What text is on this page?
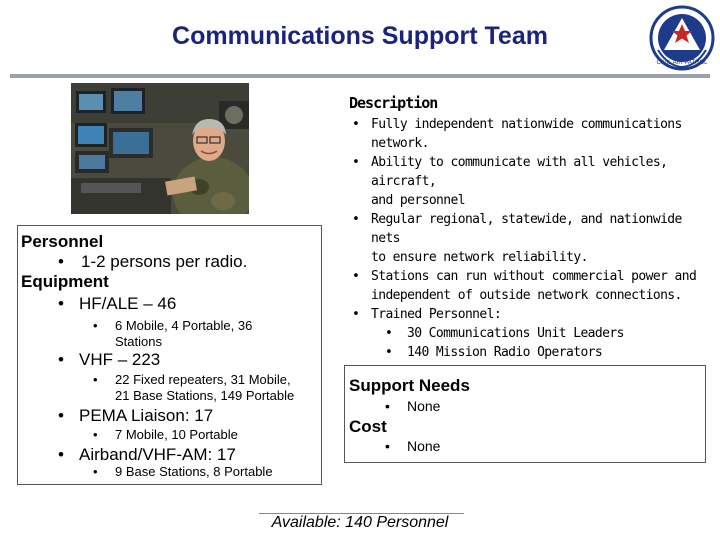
Communications Support Team
CIVIL AIR PATROL
Personnel
• 1-2 persons per radio.
Equipment
• HF/ALE – 46
• 6 Mobile, 4 Portable, 36
Stations
• VHF – 223
• 22 Fixed repeaters, 31 Mobile,
21 Base Stations, 149 Portable
• PEMA Liaison: 17
• 7 Mobile, 10 Portable
• Airband/VHF-AM: 17
• 9 Base Stations, 8 Portable
Description
• Fully independent nationwide communications
network.
• Ability to communicate with all vehicles, aircraft,
and personnel
• Regular regional, statewide, and nationwide nets
to ensure network reliability.
• Stations can run without commercial power and
independent of outside network connections.
• Trained Personnel:
• 30 Communications Unit Leaders
• 140 Mission Radio Operators
Support Needs
• None
Cost
• None
Available: 140 Personnel
